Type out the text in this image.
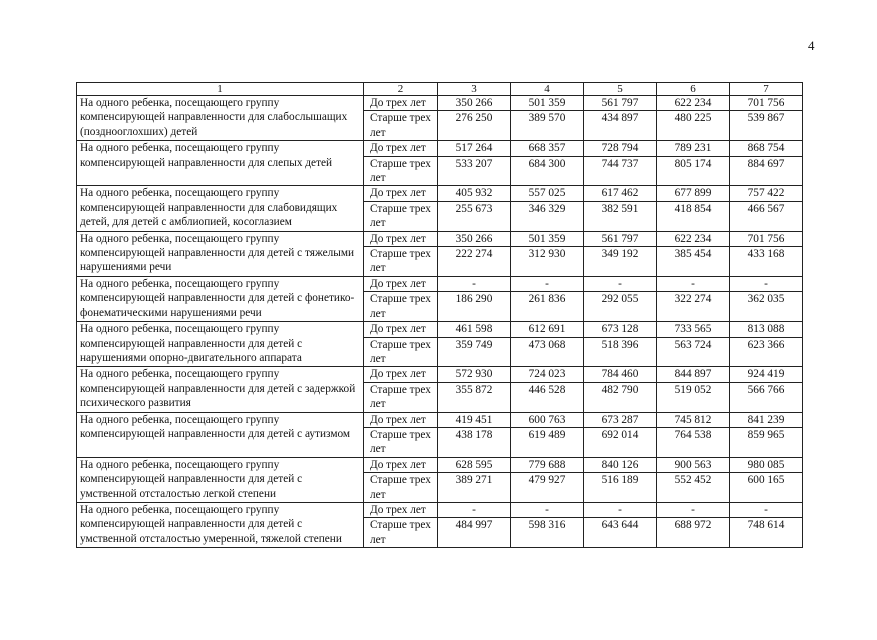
4
1	2	3	4	5	6	7
На одного ребенка, посещающего группу компенсирующей направленности для слабослышащих (позднооглохших) детей	До трех лет	350 266	501 359	561 797	622 234	701 756
	Старше трех лет	276 250	389 570	434 897	480 225	539 867
На одного ребенка, посещающего группу компенсирующей направленности для слепых детей	До трех лет	517 264	668 357	728 794	789 231	868 754
	Старше трех лет	533 207	684 300	744 737	805 174	884 697
На одного ребенка, посещающего группу компенсирующей направленности для слабовидящих детей, для детей с амблиопией, косоглазием	До трех лет	405 932	557 025	617 462	677 899	757 422
	Старше трех лет	255 673	346 329	382 591	418 854	466 567
На одного ребенка, посещающего группу компенсирующей направленности для детей с тяжелыми нарушениями речи	До трех лет	350 266	501 359	561 797	622 234	701 756
	Старше трех лет	222 274	312 930	349 192	385 454	433 168
На одного ребенка, посещающего группу компенсирующей направленности для детей с фонетико-фонематическими нарушениями речи	До трех лет	-	-	-	-	-
	Старше трех лет	186 290	261 836	292 055	322 274	362 035
На одного ребенка, посещающего группу компенсирующей направленности для детей с нарушениями опорно-двигательного аппарата	До трех лет	461 598	612 691	673 128	733 565	813 088
	Старше трех лет	359 749	473 068	518 396	563 724	623 366
На одного ребенка, посещающего группу компенсирующей направленности для детей с задержкой психического развития	До трех лет	572 930	724 023	784 460	844 897	924 419
	Старше трех лет	355 872	446 528	482 790	519 052	566 766
На одного ребенка, посещающего группу компенсирующей направленности для детей с аутизмом	До трех лет	419 451	600 763	673 287	745 812	841 239
	Старше трех лет	438 178	619 489	692 014	764 538	859 965
На одного ребенка, посещающего группу компенсирующей направленности для детей с умственной отсталостью легкой степени	До трех лет	628 595	779 688	840 126	900 563	980 085
	Старше трех лет	389 271	479 927	516 189	552 452	600 165
На одного ребенка, посещающего группу компенсирующей направленности для детей с умственной отсталостью умеренной, тяжелой степени	До трех лет	-	-	-	-	-
	Старше трех лет	484 997	598 316	643 644	688 972	748 614
